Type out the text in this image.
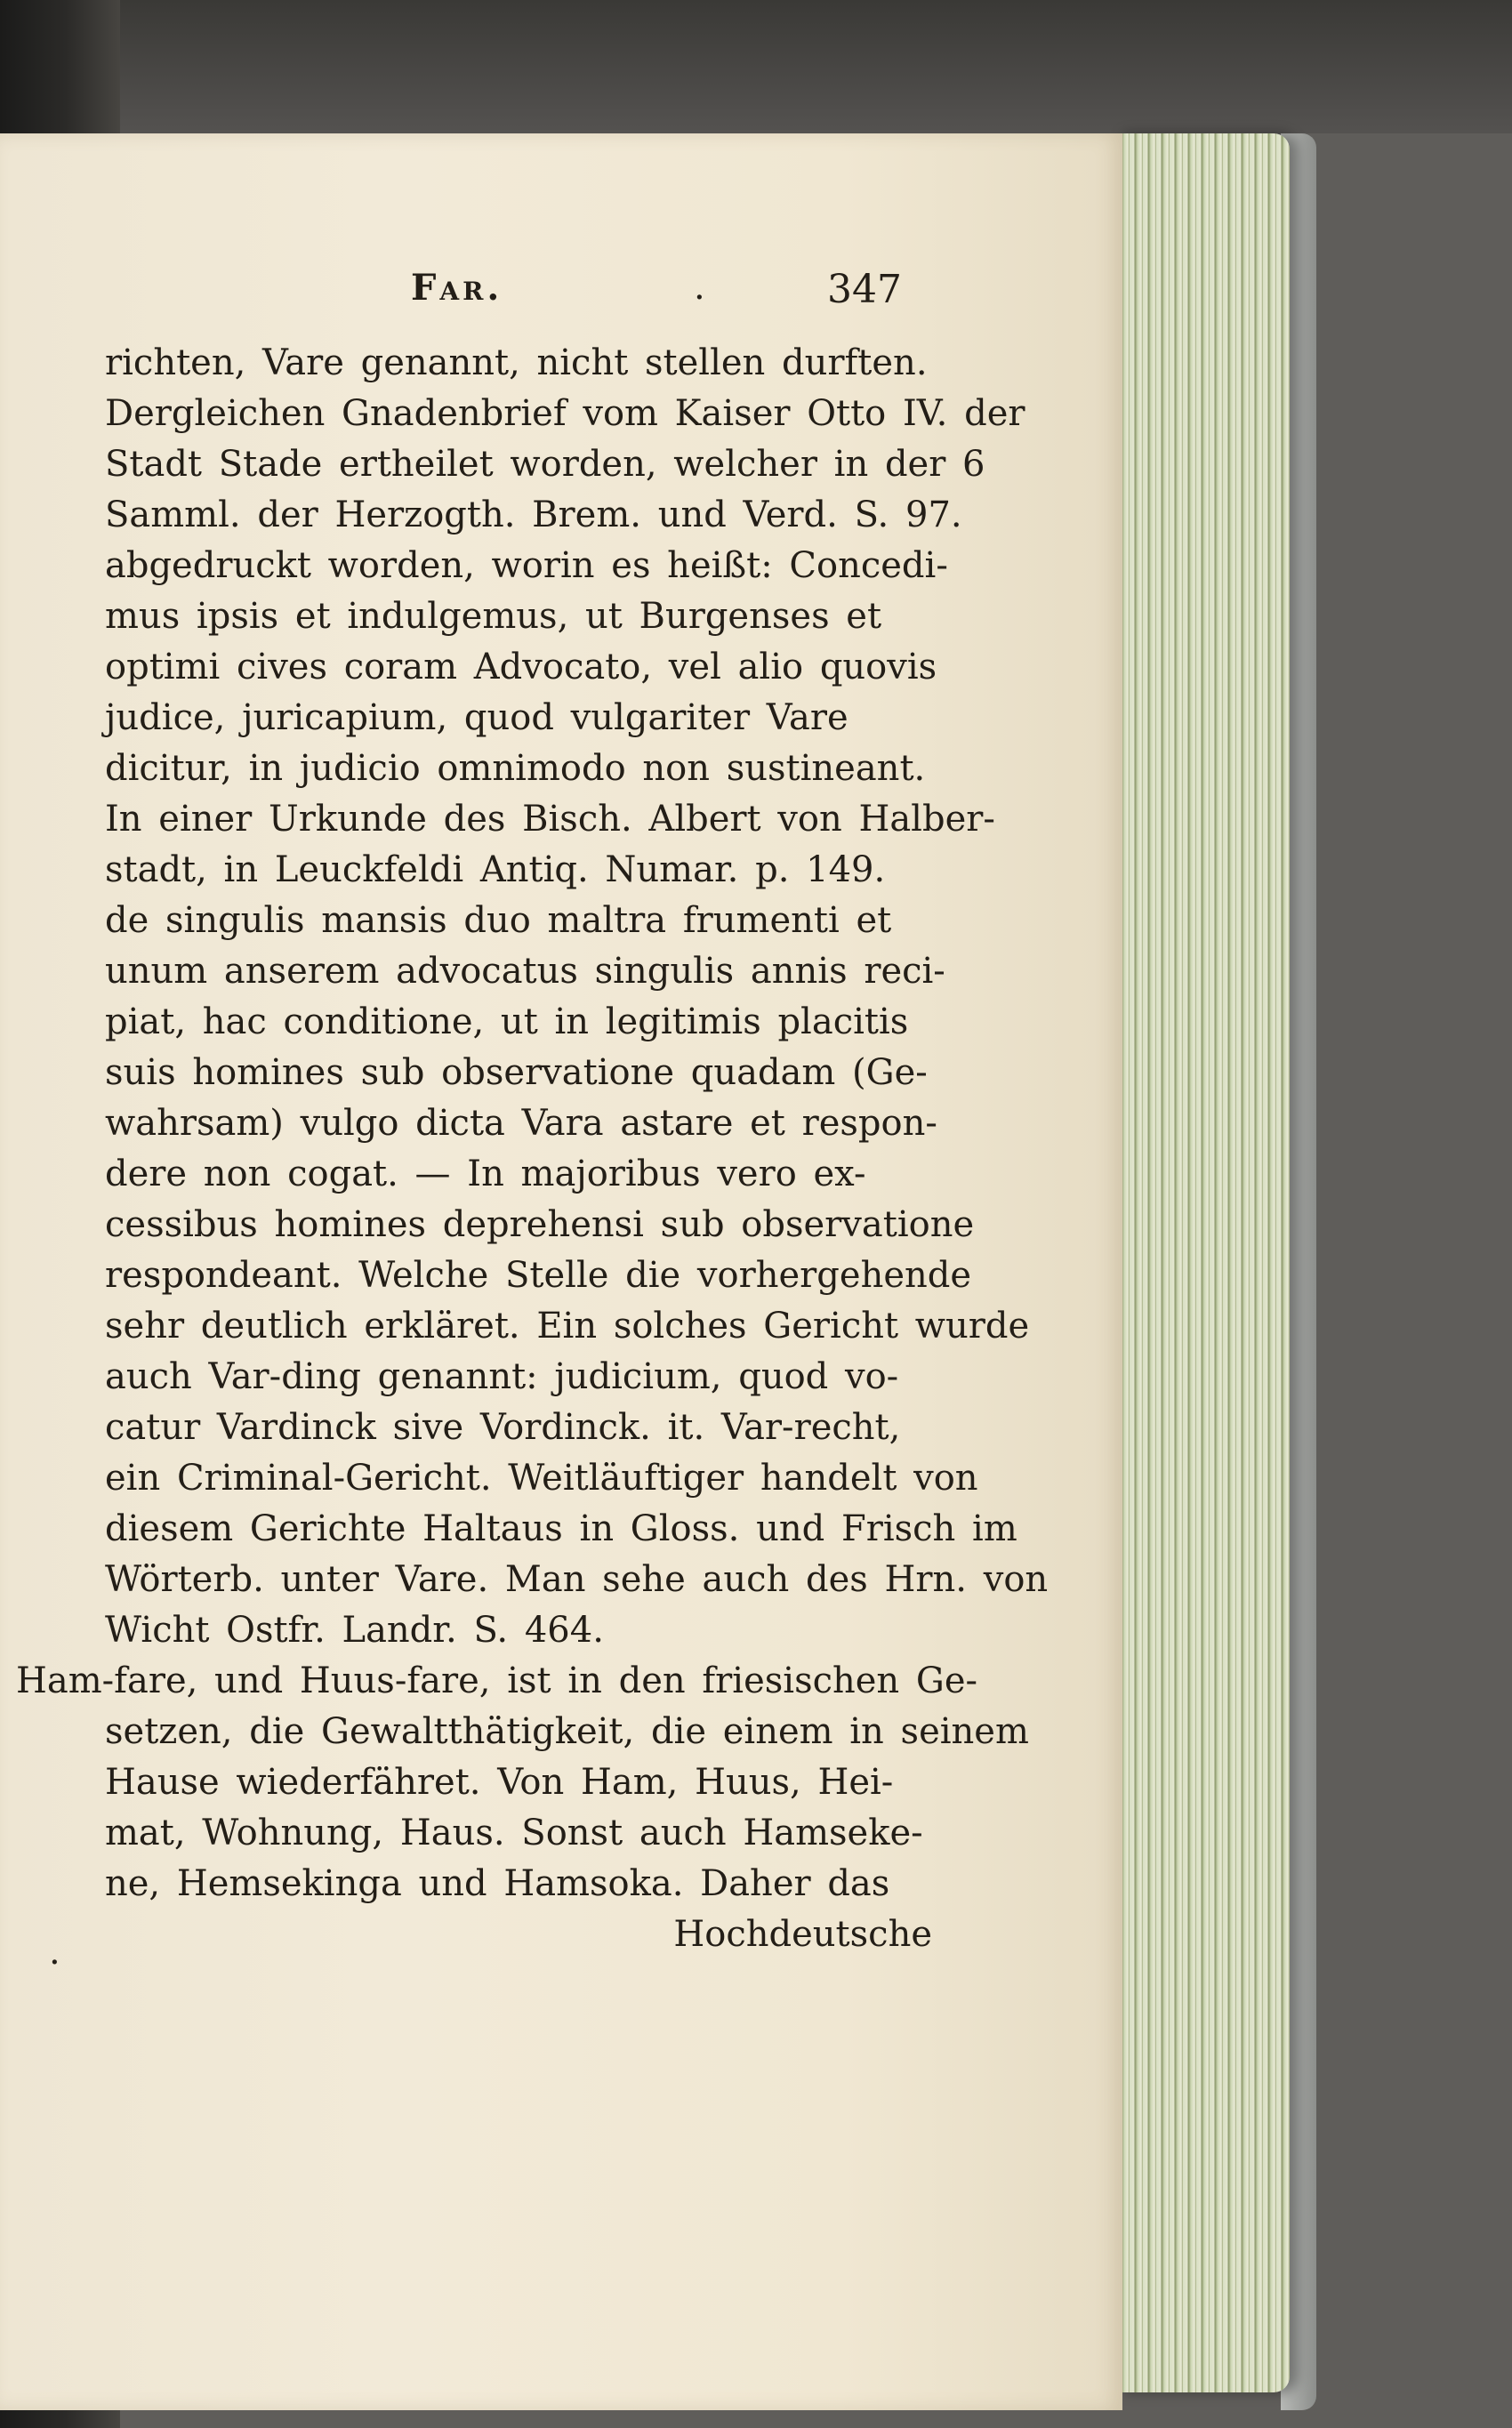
Far.	.	347
richten, Vare genannt, nicht stellen durften.
Dergleichen Gnadenbrief vom Kaiser Otto IV. der
Stadt Stade ertheilet worden, welcher in der 6
Samml. der Herzogth. Brem. und Verd. S. 97.
abgedruckt worden, worin es heißt: Concedi-
mus ipsis et indulgemus, ut Burgenses et
optimi cives coram Advocato, vel alio quovis
judice, juricapium, quod vulgariter Vare
dicitur, in judicio omnimodo non sustineant.
In einer Urkunde des Bisch. Albert von Halber-
stadt, in Leuckfeldi Antiq. Numar. p. 149.
de singulis mansis duo maltra frumenti et
unum anserem advocatus singulis annis reci-
piat, hac conditione, ut in legitimis placitis
suis homines sub observatione quadam (Ge-
wahrsam) vulgo dicta Vara astare et respon-
dere non cogat. — In majoribus vero ex-
cessibus homines deprehensi sub observatione
respondeant. Welche Stelle die vorhergehende
sehr deutlich erkläret. Ein solches Gericht wurde
auch Var-ding genannt: judicium, quod vo-
catur Vardinck sive Vordinck. it. Var-recht,
ein Criminal-Gericht. Weitläuftiger handelt von
diesem Gerichte Haltaus in Gloss. und Frisch im
Wörterb. unter Vare. Man sehe auch des Hrn. von
Wicht Ostfr. Landr. S. 464.
Ham-fare, und Huus-fare, ist in den friesischen Ge-
setzen, die Gewaltthätigkeit, die einem in seinem
Hause wiederfähret. Von Ham, Huus, Hei-
mat, Wohnung, Haus. Sonst auch Hamseke-
ne, Hemsekinga und Hamsoka. Daher das
Hochdeutsche
.
